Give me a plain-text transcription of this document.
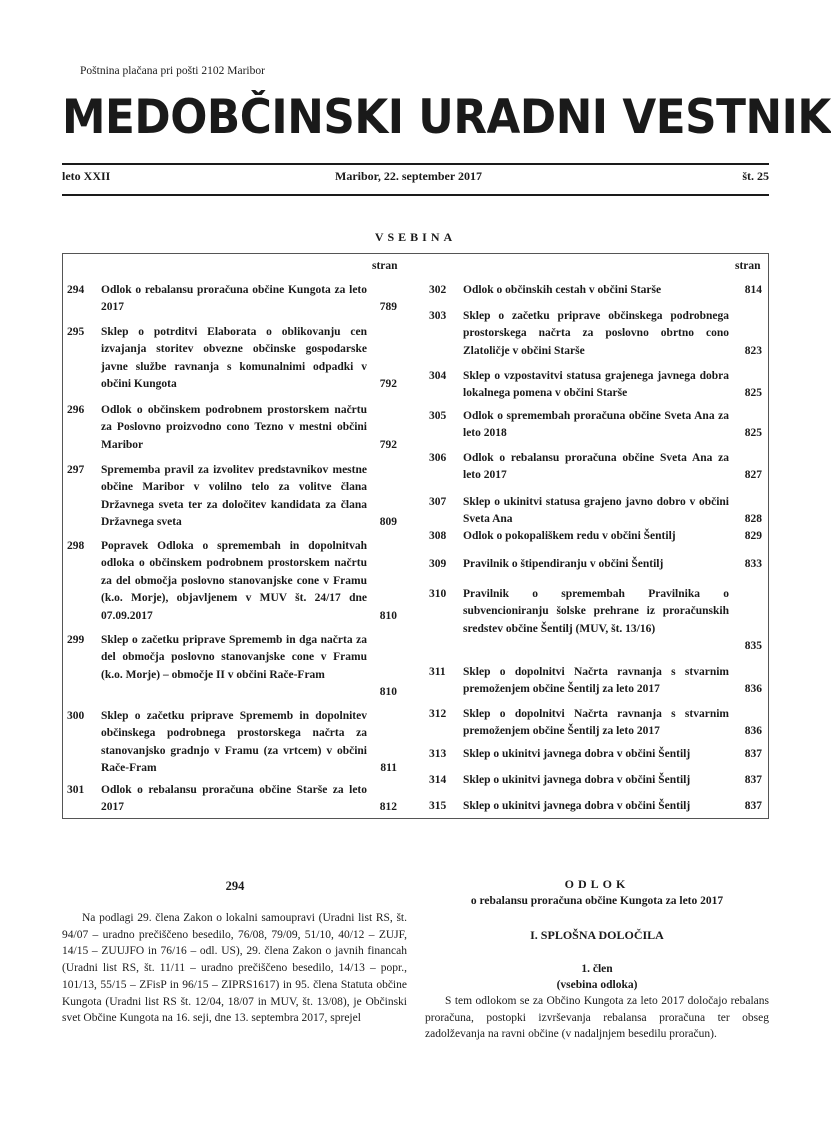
Poštnina plačana pri pošti 2102 Maribor
MEDOBČINSKI URADNI VESTNIK
leto XXII	Maribor, 22. september 2017	št. 25
VSEBINA
stran	stran
294 Odlok o rebalansu proračuna občine Kungota za leto 2017	789
295 Sklep o potrditvi Elaborata o oblikovanju cen izvajanja storitev obvezne občinske gospodarske javne službe ravnanja s komunalnimi odpadki v občini Kungota	792
296 Odlok o občinskem podrobnem prostorskem načrtu za Poslovno proizvodno cono Tezno v mestni občini Maribor	792
297 Sprememba pravil za izvolitev predstavnikov mestne občine Maribor v volilno telo za volitve člana Državnega sveta ter za določitev kandidata za člana Državnega sveta	809
298 Popravek Odloka o spremembah in dopolnitvah odloka o občinskem podrobnem prostorskem načrtu za del območja poslovno stanovanjske cone v Framu (k.o. Morje), objavljenem v MUV št. 24/17 dne 07.09.2017	810
299 Sklep o začetku priprave Sprememb in dga načrta za del območja poslovno stanovanjske cone v Framu (k.o. Morje) – območje II v občini Rače-Fram
810
300 Sklep o začetku priprave Sprememb in dopolnitev občinskega podrobnega prostorskega načrta za stanovanjsko gradnjo v Framu (za vrtcem) v občini Rače-Fram	811
301 Odlok o rebalansu proračuna občine Starše za leto 2017	812
302 Odlok o občinskih cestah v občini Starše	814
303 Sklep o začetku priprave občinskega podrobnega prostorskega načrta za poslovno obrtno cono Zlatoličje v občini Starše	823
304 Sklep o vzpostavitvi statusa grajenega javnega dobra lokalnega pomena v občini Starše	825
305 Odlok o spremembah proračuna občine Sveta Ana za leto 2018	825
306 Odlok o rebalansu proračuna občine Sveta Ana za leto 2017	827
307 Sklep o ukinitvi statusa grajeno javno dobro v občini Sveta Ana	828
308 Odlok o pokopališkem redu v občini Šentilj	829
309 Pravilnik o štipendiranju v občini Šentilj	833
310 Pravilnik o spremembah Pravilnika o subvencioniranju šolske prehrane iz proračunskih sredstev občine Šentilj (MUV, št. 13/16)
835
311 Sklep o dopolnitvi Načrta ravnanja s stvarnim premoženjem občine Šentilj za leto 2017	836
312 Sklep o dopolnitvi Načrta ravnanja s stvarnim premoženjem občine Šentilj za leto 2017	836
313 Sklep o ukinitvi javnega dobra v občini Šentilj	837
314 Sklep o ukinitvi javnega dobra v občini Šentilj	837
315 Sklep o ukinitvi javnega dobra v občini Šentilj	837
294
Na podlagi 29. člena Zakon o lokalni samoupravi (Uradni list RS, št. 94/07 – uradno prečiščeno besedilo, 76/08, 79/09, 51/10, 40/12 – ZUJF, 14/15 – ZUUJFO in 76/16 – odl. US), 29. člena Zakon o javnih financah (Uradni list RS, št. 11/11 – uradno prečiščeno besedilo, 14/13 – popr., 101/13, 55/15 – ZFisP in 96/15 – ZIPRS1617) in 95. člena Statuta občine Kungota (Uradni list RS št. 12/04, 18/07 in MUV, št. 13/08), je Občinski svet Občine Kungota na 16. seji, dne 13. septembra 2017, sprejel
ODLOK
o rebalansu proračuna občine Kungota za leto 2017
I. SPLOŠNA DOLOČILA
1. člen
(vsebina odloka)
S tem odlokom se za Občino Kungota za leto 2017 določajo rebalans proračuna, postopki izvrševanja rebalansa proračuna ter obseg zadolževanja na ravni občine (v nadaljnjem besedilu proračun).
